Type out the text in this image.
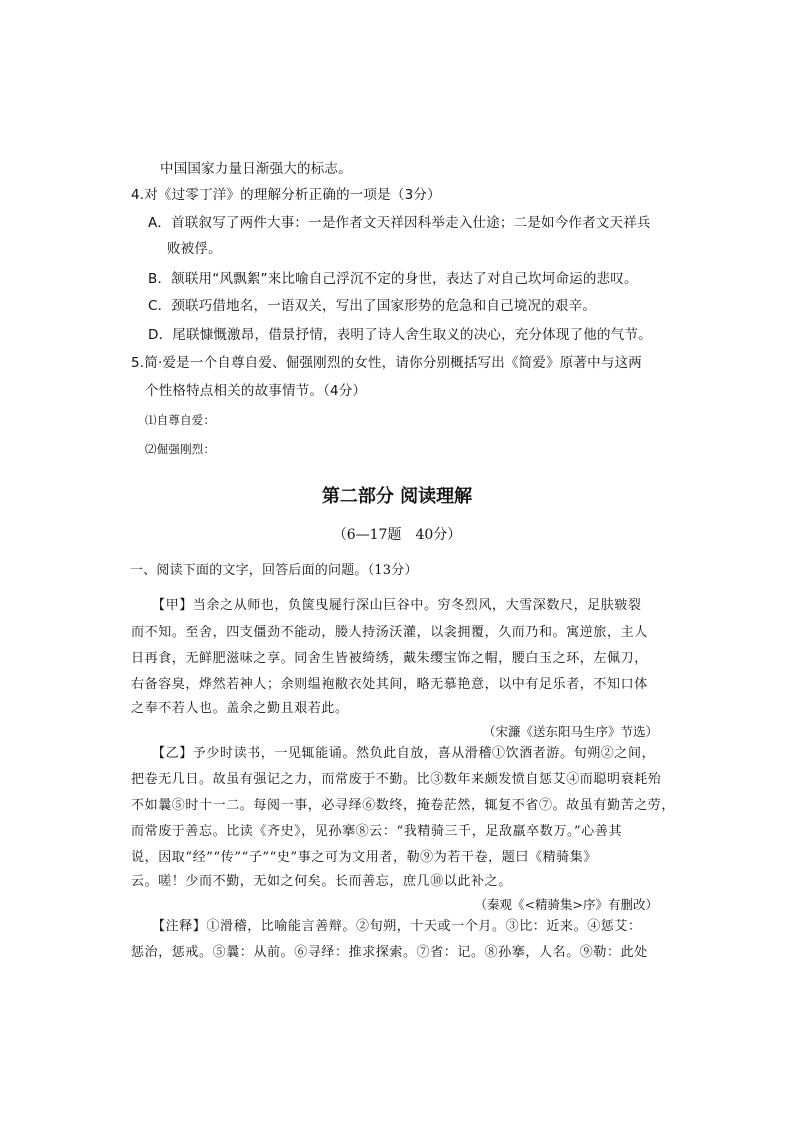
中国国家力量日渐强大的标志。
4.对《过零丁洋》的理解分析正确的一项是（3分）
A．首联叙写了两件大事：一是作者文天祥因科举走入仕途；二是如今作者文天祥兵
败被俘。
B．颔联用“风飘絮”来比喻自己浮沉不定的身世，表达了对自己坎坷命运的悲叹。
C．颈联巧借地名，一语双关，写出了国家形势的危急和自己境况的艰辛。
D．尾联慷慨激昂，借景抒情，表明了诗人舍生取义的决心，充分体现了他的气节。
5.简·爱是一个自尊自爱、倔强刚烈的女性，请你分别概括写出《简爱》原著中与这两
个性格特点相关的故事情节。（4分）
⑴自尊自爱：
⑵倔强刚烈：
第二部分 阅读理解
（6—17题　40分）
一、阅读下面的文字，回答后面的问题。（13分）
【甲】当余之从师也，负箧曳屣行深山巨谷中。穷冬烈风，大雪深数尺，足肤皲裂
而不知。至舍，四支僵劲不能动，媵人持汤沃灌，以衾拥覆，久而乃和。寓逆旅，主人
日再食，无鲜肥滋味之享。同舍生皆被绮绣，戴朱缨宝饰之帽，腰白玉之环，左佩刀，
右备容臭，烨然若神人；余则缊袍敝衣处其间，略无慕艳意，以中有足乐者，不知口体
之奉不若人也。盖余之勤且艰若此。
（宋濂《送东阳马生序》节选）
【乙】予少时读书，一见辄能诵。然负此自放，喜从滑稽①饮酒者游。旬朔②之间，
把卷无几日。故虽有强记之力，而常废于不勤。比③数年来颇发愤自惩艾④而聪明衰耗殆
不如曩⑤时十一二。每阅一事，必寻绎⑥数终，掩卷茫然，辄复不省⑦。故虽有勤苦之劳，
而常废于善忘。比读《齐史》，见孙搴⑧云：“我精骑三千，足敌羸卒数万。”心善其
说，因取“经”“传”“子”“史”事之可为文用者，勒⑨为若干卷，题曰《精骑集》
云。嗟！少而不勤，无如之何矣。长而善忘，庶几⑩以此补之。
（秦观《<精骑集>序》有删改）
【注释】①滑稽，比喻能言善辩。②旬朔，十天或一个月。③比：近来。④惩艾：
惩治，惩戒。⑤曩：从前。⑥寻绎：推求探索。⑦省：记。⑧孙搴，人名。⑨勒：此处
